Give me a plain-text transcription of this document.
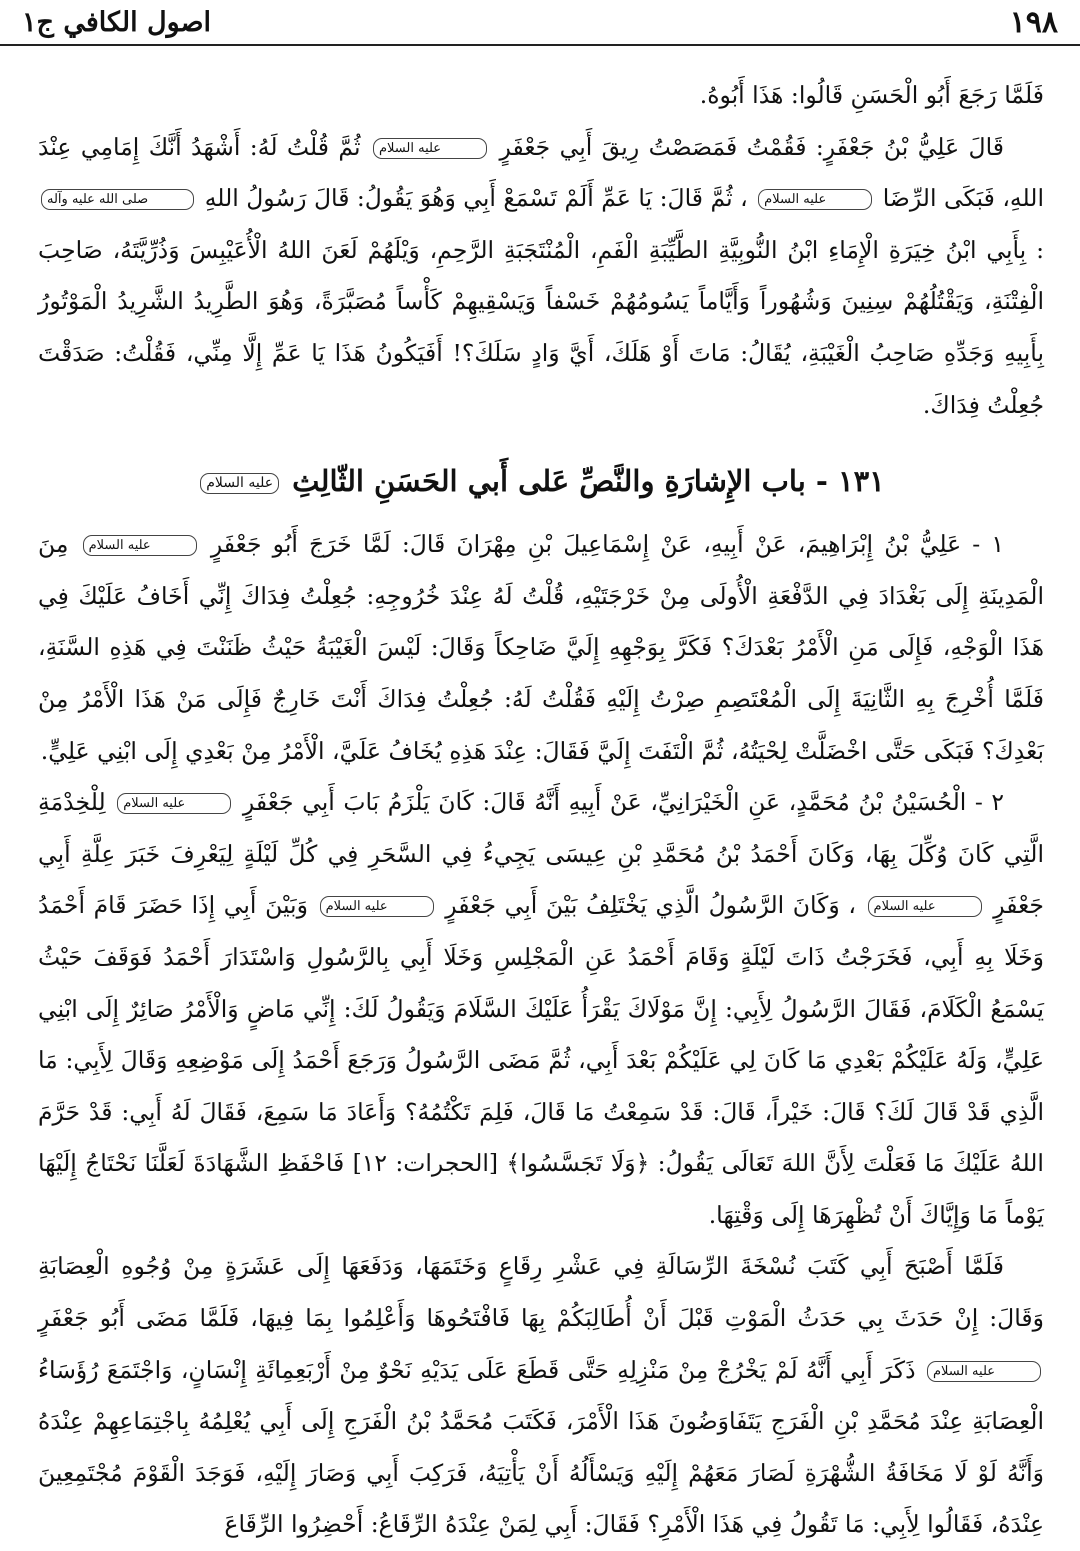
١٩٨
اصول الكافي ج١

فَلَمَّا رَجَعَ أَبُو الْحَسَنِ قَالُوا: هَذَا أَبُوهُ.

قَالَ عَلِيُّ بْنُ جَعْفَرٍ: فَقُمْتُ فَمَصَصْتُ رِيقَ أَبِي جَعْفَرٍ عليه السلام ثُمَّ قُلْتُ لَهُ: أَشْهَدُ أَنَّكَ إِمَامِي عِنْدَ اللهِ، فَبَكَى الرِّضَا عليه السلام ، ثُمَّ قَالَ: يَا عَمِّ أَلَمْ تَسْمَعْ أَبِي وَهُوَ يَقُولُ: قَالَ رَسُولُ اللهِ صلى الله عليه وآله : بِأَبِي ابْنُ خِيَرَةِ الْإِمَاءِ ابْنُ النُّوبِيَّةِ الطَّيِّبَةِ الْفَمِ، الْمُنْتَجَبَةِ الرَّحِمِ، وَيْلَهُمْ لَعَنَ اللهُ الْأُعَيْبِسَ وَذُرِّيَّتَهُ، صَاحِبَ الْفِتْنَةِ، وَيَقْتُلُهُمْ سِنِينَ وَشُهُوراً وَأَيَّاماً يَسُومُهُمْ خَسْفاً وَيَسْقِيهِمْ كَأْساً مُصَبَّرَةً، وَهُوَ الطَّرِيدُ الشَّرِيدُ الْمَوْتُورُ بِأَبِيهِ وَجَدِّهِ صَاحِبُ الْغَيْبَةِ، يُقَالُ: مَاتَ أَوْ هَلَكَ، أَيَّ وَادٍ سَلَكَ؟! أَفَيَكُونُ هَذَا يَا عَمِّ إِلَّا مِنِّي، فَقُلْتُ: صَدَقْتَ جُعِلْتُ فِدَاكَ.

١٣١ - باب الإِشارَةِ والنَّصِّ عَلى أَبي الحَسَنِ الثّالِثِ عليه السلام

١ - عَلِيُّ بْنُ إِبْرَاهِيمَ، عَنْ أَبِيهِ، عَنْ إِسْمَاعِيلَ بْنِ مِهْرَانَ قَالَ: لَمَّا خَرَجَ أَبُو جَعْفَرٍ عليه السلام مِنَ الْمَدِينَةِ إِلَى بَغْدَادَ فِي الدَّفْعَةِ الْأُولَى مِنْ خَرْجَتَيْهِ، قُلْتُ لَهُ عِنْدَ خُرُوجِهِ: جُعِلْتُ فِدَاكَ إِنِّي أَخَافُ عَلَيْكَ فِي هَذَا الْوَجْهِ، فَإِلَى مَنِ الْأَمْرُ بَعْدَكَ؟ فَكَرَّ بِوَجْهِهِ إِلَيَّ ضَاحِكاً وَقَالَ: لَيْسَ الْغَيْبَةُ حَيْثُ ظَنَنْتَ فِي هَذِهِ السَّنَةِ، فَلَمَّا أُخْرِجَ بِهِ الثَّانِيَةَ إِلَى الْمُعْتَصِمِ صِرْتُ إِلَيْهِ فَقُلْتُ لَهُ: جُعِلْتُ فِدَاكَ أَنْتَ خَارِجٌ فَإِلَى مَنْ هَذَا الْأَمْرُ مِنْ بَعْدِكَ؟ فَبَكَى حَتَّى اخْضَلَّتْ لِحْيَتُهُ، ثُمَّ الْتَفَتَ إِلَيَّ فَقَالَ: عِنْدَ هَذِهِ يُخَافُ عَلَيَّ، الْأَمْرُ مِنْ بَعْدِي إِلَى ابْنِي عَلِيٍّ.

٢ - الْحُسَيْنُ بْنُ مُحَمَّدٍ، عَنِ الْخَيْرَانِيِّ، عَنْ أَبِيهِ أَنَّهُ قَالَ: كَانَ يَلْزَمُ بَابَ أَبِي جَعْفَرٍ عليه السلام لِلْخِدْمَةِ الَّتِي كَانَ وُكِّلَ بِهَا، وَكَانَ أَحْمَدُ بْنُ مُحَمَّدِ بْنِ عِيسَى يَجِيءُ فِي السَّحَرِ فِي كُلِّ لَيْلَةٍ لِيَعْرِفَ خَبَرَ عِلَّةِ أَبِي جَعْفَرٍ عليه السلام ، وَكَانَ الرَّسُولُ الَّذِي يَخْتَلِفُ بَيْنَ أَبِي جَعْفَرٍ عليه السلام وَبَيْنَ أَبِي إِذَا حَضَرَ قَامَ أَحْمَدُ وَخَلَا بِهِ أَبِي، فَخَرَجْتُ ذَاتَ لَيْلَةٍ وَقَامَ أَحْمَدُ عَنِ الْمَجْلِسِ وَخَلَا أَبِي بِالرَّسُولِ وَاسْتَدَارَ أَحْمَدُ فَوَقَفَ حَيْثُ يَسْمَعُ الْكَلَامَ، فَقَالَ الرَّسُولُ لِأَبِي: إِنَّ مَوْلَاكَ يَقْرَأُ عَلَيْكَ السَّلَامَ وَيَقُولُ لَكَ: إِنِّي مَاضٍ وَالْأَمْرُ صَائِرٌ إِلَى ابْنِي عَلِيٍّ، وَلَهُ عَلَيْكُمْ بَعْدِي مَا كَانَ لِي عَلَيْكُمْ بَعْدَ أَبِي، ثُمَّ مَضَى الرَّسُولُ وَرَجَعَ أَحْمَدُ إِلَى مَوْضِعِهِ وَقَالَ لِأَبِي: مَا الَّذِي قَدْ قَالَ لَكَ؟ قَالَ: خَيْراً، قَالَ: قَدْ سَمِعْتُ مَا قَالَ، فَلِمَ تَكْتُمُهُ؟ وَأَعَادَ مَا سَمِعَ، فَقَالَ لَهُ أَبِي: قَدْ حَرَّمَ اللهُ عَلَيْكَ مَا فَعَلْتَ لِأَنَّ اللهَ تَعَالَى يَقُولُ: ﴿وَلَا تَجَسَّسُوا﴾ [الحجرات: ١٢] فَاحْفَظِ الشَّهَادَةَ لَعَلَّنَا نَحْتَاجُ إِلَيْهَا يَوْماً مَا وَإِيَّاكَ أَنْ تُظْهِرَهَا إِلَى وَقْتِهَا.

فَلَمَّا أَصْبَحَ أَبِي كَتَبَ نُسْخَةَ الرِّسَالَةِ فِي عَشْرِ رِقَاعٍ وَخَتَمَهَا، وَدَفَعَهَا إِلَى عَشَرَةٍ مِنْ وُجُوهِ الْعِصَابَةِ وَقَالَ: إِنْ حَدَثَ بِي حَدَثُ الْمَوْتِ قَبْلَ أَنْ أُطَالِبَكُمْ بِهَا فَافْتَحُوهَا وَأَعْلِمُوا بِمَا فِيهَا، فَلَمَّا مَضَى أَبُو جَعْفَرٍ عليه السلام ذَكَرَ أَبِي أَنَّهُ لَمْ يَخْرُجْ مِنْ مَنْزِلِهِ حَتَّى قَطَعَ عَلَى يَدَيْهِ نَحْوٌ مِنْ أَرْبَعِمِائَةِ إِنْسَانٍ، وَاجْتَمَعَ رُؤَسَاءُ الْعِصَابَةِ عِنْدَ مُحَمَّدِ بْنِ الْفَرَجِ يَتَفَاوَضُونَ هَذَا الْأَمْرَ، فَكَتَبَ مُحَمَّدُ بْنُ الْفَرَجِ إِلَى أَبِي يُعْلِمُهُ بِاجْتِمَاعِهِمْ عِنْدَهُ وَأَنَّهُ لَوْ لَا مَخَافَةُ الشُّهْرَةِ لَصَارَ مَعَهُمْ إِلَيْهِ وَيَسْأَلُهُ أَنْ يَأْتِيَهُ، فَرَكِبَ أَبِي وَصَارَ إِلَيْهِ، فَوَجَدَ الْقَوْمَ مُجْتَمِعِينَ عِنْدَهُ، فَقَالُوا لِأَبِي: مَا تَقُولُ فِي هَذَا الْأَمْرِ؟ فَقَالَ: أَبِي لِمَنْ عِنْدَهُ الرِّقَاعُ: أَحْضِرُوا الرِّقَاعَ
